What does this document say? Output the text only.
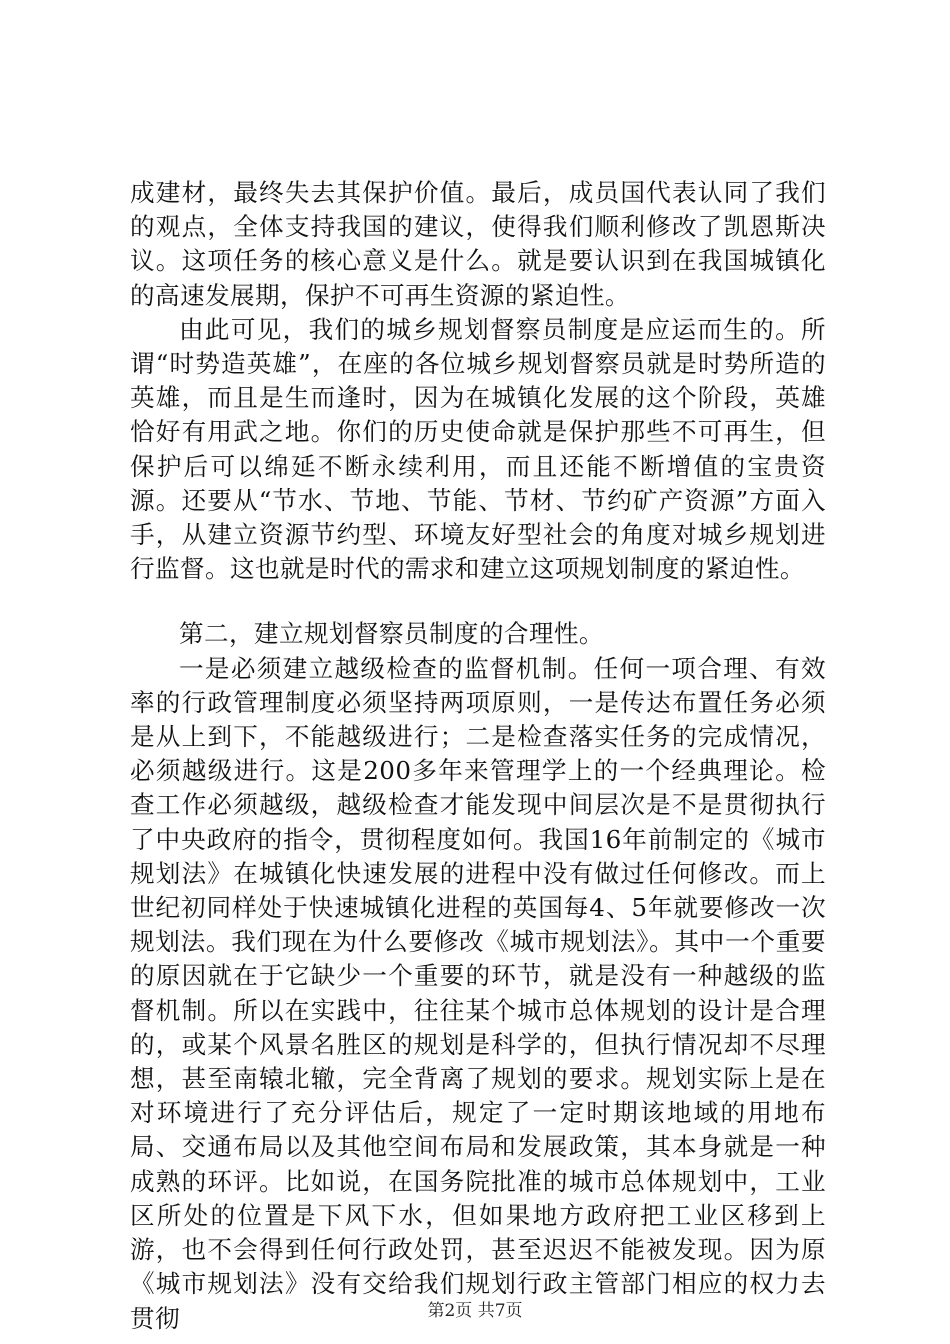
成建材，最终失去其保护价值。最后，成员国代表认同了我们的观点，全体支持我国的建议，使得我们顺利修改了凯恩斯决议。这项任务的核心意义是什么。就是要认识到在我国城镇化的高速发展期，保护不可再生资源的紧迫性。

由此可见，我们的城乡规划督察员制度是应运而生的。所谓“时势造英雄”，在座的各位城乡规划督察员就是时势所造的英雄，而且是生而逢时，因为在城镇化发展的这个阶段，英雄恰好有用武之地。你们的历史使命就是保护那些不可再生，但保护后可以绵延不断永续利用，而且还能不断增值的宝贵资源。还要从“节水、节地、节能、节材、节约矿产资源”方面入手，从建立资源节约型、环境友好型社会的角度对城乡规划进行监督。这也就是时代的需求和建立这项规划制度的紧迫性。

第二，建立规划督察员制度的合理性。

一是必须建立越级检查的监督机制。任何一项合理、有效率的行政管理制度必须坚持两项原则，一是传达布置任务必须是从上到下，不能越级进行；二是检查落实任务的完成情况，必须越级进行。这是200多年来管理学上的一个经典理论。检查工作必须越级，越级检查才能发现中间层次是不是贯彻执行了中央政府的指令，贯彻程度如何。我国16年前制定的《城市规划法》在城镇化快速发展的进程中没有做过任何修改。而上世纪初同样处于快速城镇化进程的英国每4、5年就要修改一次规划法。我们现在为什么要修改《城市规划法》。其中一个重要的原因就在于它缺少一个重要的环节，就是没有一种越级的监督机制。所以在实践中，往往某个城市总体规划的设计是合理的，或某个风景名胜区的规划是科学的，但执行情况却不尽理想，甚至南辕北辙，完全背离了规划的要求。规划实际上是在对环境进行了充分评估后，规定了一定时期该地域的用地布局、交通布局以及其他空间布局和发展政策，其本身就是一种成熟的环评。比如说，在国务院批准的城市总体规划中，工业区所处的位置是下风下水，但如果地方政府把工业区移到上游，也不会得到任何行政处罚，甚至迟迟不能被发现。因为原《城市规划法》没有交给我们规划行政主管部门相应的权力去贯彻	第2页 共7页
